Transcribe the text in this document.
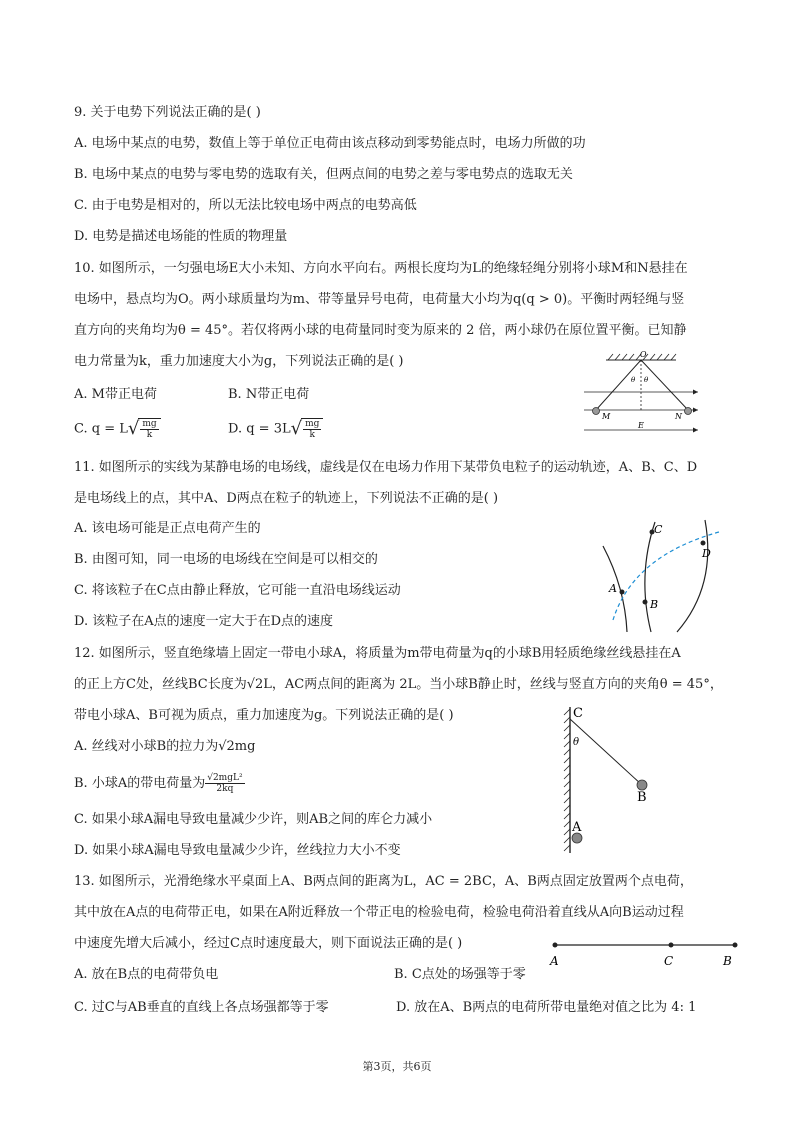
9. 关于电势下列说法正确的是( )
A. 电场中某点的电势，数值上等于单位正电荷由该点移动到零势能点时，电场力所做的功
B. 电场中某点的电势与零电势的选取有关，但两点间的电势之差与零电势点的选取无关
C. 由于电势是相对的，所以无法比较电场中两点的电势高低
D. 电势是描述电场能的性质的物理量
10. 如图所示，一匀强电场E大小未知、方向水平向右。两根长度均为L的绝缘轻绳分别将小球M和N悬挂在
电场中，悬点均为O。两小球质量均为m、带等量异号电荷，电荷量大小均为q(q > 0)。平衡时两轻绳与竖
直方向的夹角均为θ = 45°。若仅将两小球的电荷量同时变为原来的 2 倍，两小球仍在原位置平衡。已知静
电力常量为k，重力加速度大小为g，下列说法正确的是( )
A. M带正电荷	B. N带正电荷
C. $q = L√ \frac{mg}{k}$	D. $q = 3L√ \frac{mg}{k}$
O
θ θ
M	N
E
11. 如图所示的实线为某静电场的电场线，虚线是仅在电场力作用下某带负电粒子的运动轨迹，A、B、C、D
是电场线上的点，其中A、D两点在粒子的轨迹上，下列说法不正确的是( )
A. 该电场可能是正点电荷产生的
B. 由图可知，同一电场的电场线在空间是可以相交的
C. 将该粒子在C点由静止释放，它可能一直沿电场线运动
D. 该粒子在A点的速度一定大于在D点的速度
A
B
C
D
12. 如图所示，竖直绝缘墙上固定一带电小球A，将质量为m带电荷量为q的小球B用轻质绝缘丝线悬挂在A
的正上方C处，丝线BC长度为√2L，AC两点间的距离为 2L。当小球B静止时，丝线与竖直方向的夹角θ = 45°，
带电小球A、B可视为质点，重力加速度为g。下列说法正确的是( )
A. 丝线对小球B的拉力为√2mg
B. 小球A的带电荷量为 $\frac{\text{√2mgL²}}{2kq}$
C. 如果小球A漏电导致电量减少少许，则AB之间的库仑力减小
D. 如果小球A漏电导致电量减少少许，丝线拉力大小不变
C
θ
B
A
13. 如图所示，光滑绝缘水平桌面上A、B两点间的距离为L，AC = 2BC，A、B两点固定放置两个点电荷，
其中放在A点的电荷带正电，如果在A附近释放一个带正电的检验电荷，检验电荷沿着直线从A向B运动过程
中速度先增大后减小，经过C点时速度最大，则下面说法正确的是( )
A. 放在B点的电荷带负电	B. C点处的场强等于零
C. 过C与AB垂直的直线上各点场强都等于零	D. 放在A、B两点的电荷所带电量绝对值之比为 4: 1
A	C	B
第3页，共6页
